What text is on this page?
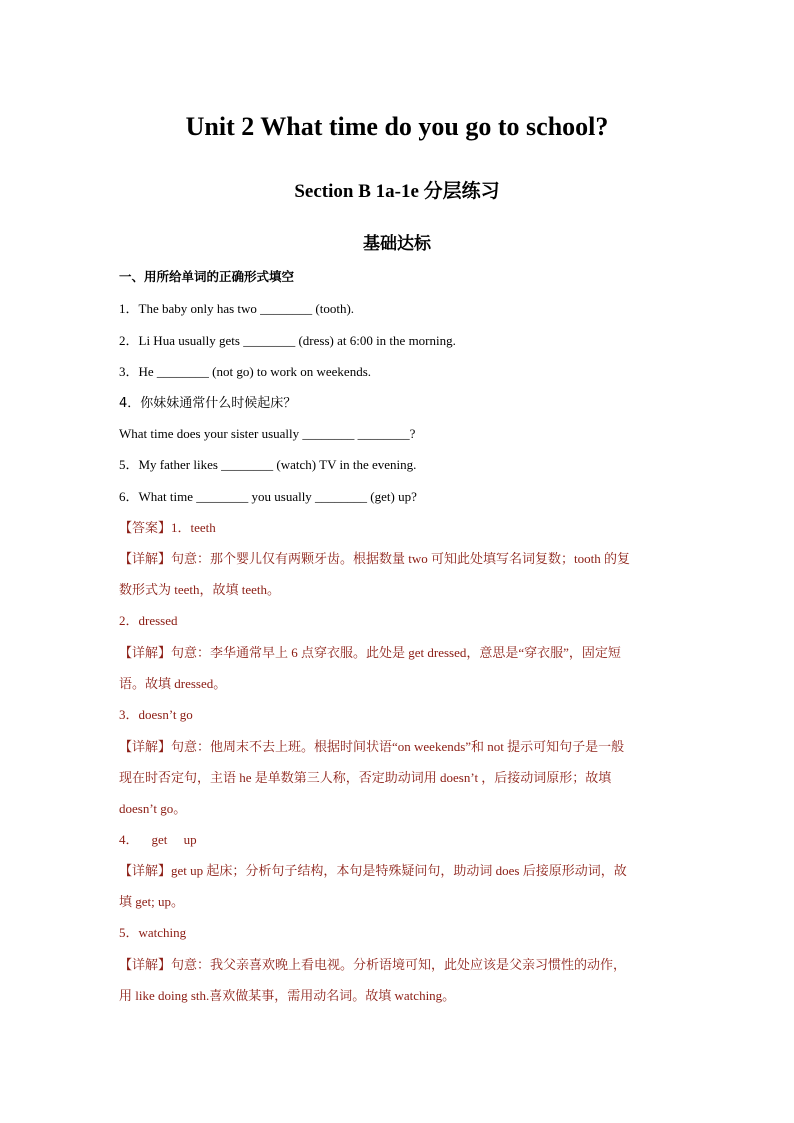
Unit 2 What time do you go to school?
Section B 1a-1e 分层练习
基础达标
一、用所给单词的正确形式填空
1．The baby only has two ________ (tooth).
2．Li Hua usually gets ________ (dress) at 6:00 in the morning.
3．He ________ (not go) to work on weekends.
4．你妹妹通常什么时候起床？
What time does your sister usually ________ ________?
5．My father likes ________ (watch) TV in the evening.
6．What time ________ you usually ________ (get) up?
【答案】1．teeth
【详解】句意：那个婴儿仅有两颗牙齿。根据数量 two 可知此处填写名词复数；tooth 的复
数形式为 teeth，故填 teeth。
2．dressed
【详解】句意：李华通常早上 6 点穿衣服。此处是 get dressed，意思是“穿衣服”，固定短
语。故填 dressed。
3．doesn’t go
【详解】句意：他周末不去上班。根据时间状语“on weekends”和 not 提示可知句子是一般
现在时否定句，主语 he 是单数第三人称，否定助动词用 doesn’t ，后接动词原形；故填
doesn’t go。
4．    get     up
【详解】get up 起床；分析句子结构，本句是特殊疑问句，助动词 does 后接原形动词，故
填 get; up。
5．watching
【详解】句意：我父亲喜欢晚上看电视。分析语境可知，此处应该是父亲习惯性的动作，
用 like doing sth.喜欢做某事，需用动名词。故填 watching。
